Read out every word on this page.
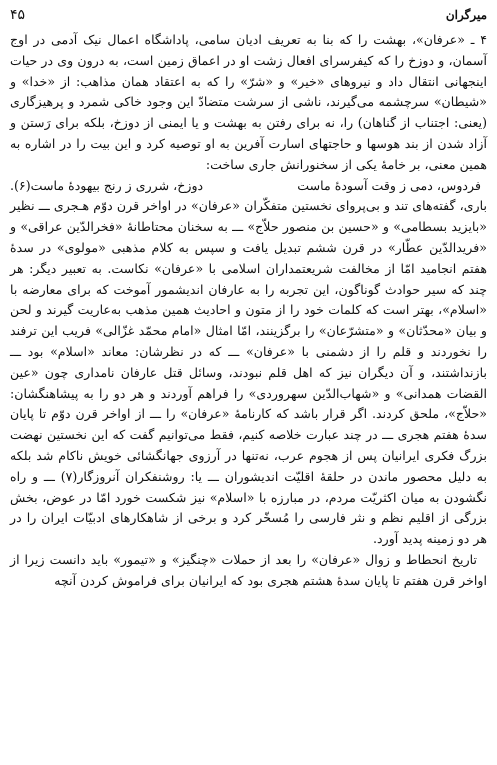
۴۵	میرگران

۴ ـ «عرفان»، بهشت را که بنا به تعریف ادیان سامی، پاداشگاه اعمال نیک آدمی در اوج آسمان، و دوزخ را که کیفرسرای افعال زشت او در اعماق زمین است، به درون وی در حیات اینجهانی انتقال داد و نیروهای «خیر» و «شرّ» را که به اعتقاد همان مذاهب: از «خدا» و «شیطان» سرچشمه می‌گیرند، ناشی از سرشت متضادّ این وجود خاکی شمرد و پرهیزگاری (یعنی: اجتناب از گناهان) را، نه برای رفتن به بهشت و یا ایمنی از دوزخ، بلکه برای رَستن و آزاد شدن از بند هوسها و حاجتهای اسارت آفرین به او توصیه کرد و این بیت را در اشاره به همین معنی، بر خامهٔ یکی از سخنورانش جاری ساخت:

فردوس، دمی ز وقت آسودهٔ ماست
دوزخ، شرری ز رنج بیهودهٔ ماست(۶).

باری، گفته‌های تند و بی‌پروای نخستین متفکّران «عرفان» در اواخر قرن دوّم هـجری ـــ نظیر «بایزید بسطامی» و «حسین بن منصور حلاّج» ـــ به سخنان محتاطانهٔ «فخرالدّین عراقی» و «فریدالدّین عطّار» در قرن ششم تبدیل یافت و سپس به کلام مذهبی «مولوی» در سدهٔ هفتم انجامید امّا از مخالفت شریعتمداران اسلامی با «عرفان» نکاست. به تعبیر دیگر: هر چند که سیر حوادث گوناگون، این تجربه را به عارفان اندیشمور آموخت که برای معارضه با «اسلام»، بهتر است که کلمات خود را از متون و احادیث همین مذهب به‌عاریت گیرند و لحن و بیان «محدّثان» و «متشرّعان» را برگزینند، امّا امثال «امام محمّد غزّالی» فریب این ترفند را نخوردند و قلم را از دشمنی با «عرفان» ـــ که در نظرشان: معاند «اسلام» بود ـــ بازنداشتند، و آن دیگران نیز که اهل قلم نبودند، وسائل قتل عارفان نامداری چون «عین القضات همدانی» و «شهاب‌الدّین سهروردی» را فراهم آوردند و هر دو را به پیشاهنگشان: «حلاّج»، ملحق کردند. اگر قرار باشد که کارنامهٔ «عرفان» را ـــ از اواخر قرن دوّم تا پایان سدهٔ هفتم هجری ـــ در چند عبارت خلاصه کنیم، فقط می‌توانیم گفت که این نخستین نهضت بزرگ فکری ایرانیان پس از هجوم عرب، نه‌تنها در آرزوی جهانگشائی خویش ناکام شد بلکه به دلیل محصور ماندن در حلقهٔ اقلیّت اندیشوران ـــ یا: روشنفکران آنروزگار(۷) ـــ و راه نگشودن به میان اکثریّت مردم، در مبارزه با «اسلام» نیز شکست خورد امّا در عوض، بخش بزرگی از اقلیم نظم و نثر فارسی را مُسخّر کرد و برخی از شاهکارهای ادبیّات ایران را در هر دو زمینه پدید آورد.

تاریخ انحطاط و زوال «عرفان» را بعد از حملات «چنگیز» و «تیمور» باید دانست زیرا از اواخر قرن هفتم تا پایان سدهٔ هشتم هجری بود که ایرانیان برای فراموش کردن آنچه
